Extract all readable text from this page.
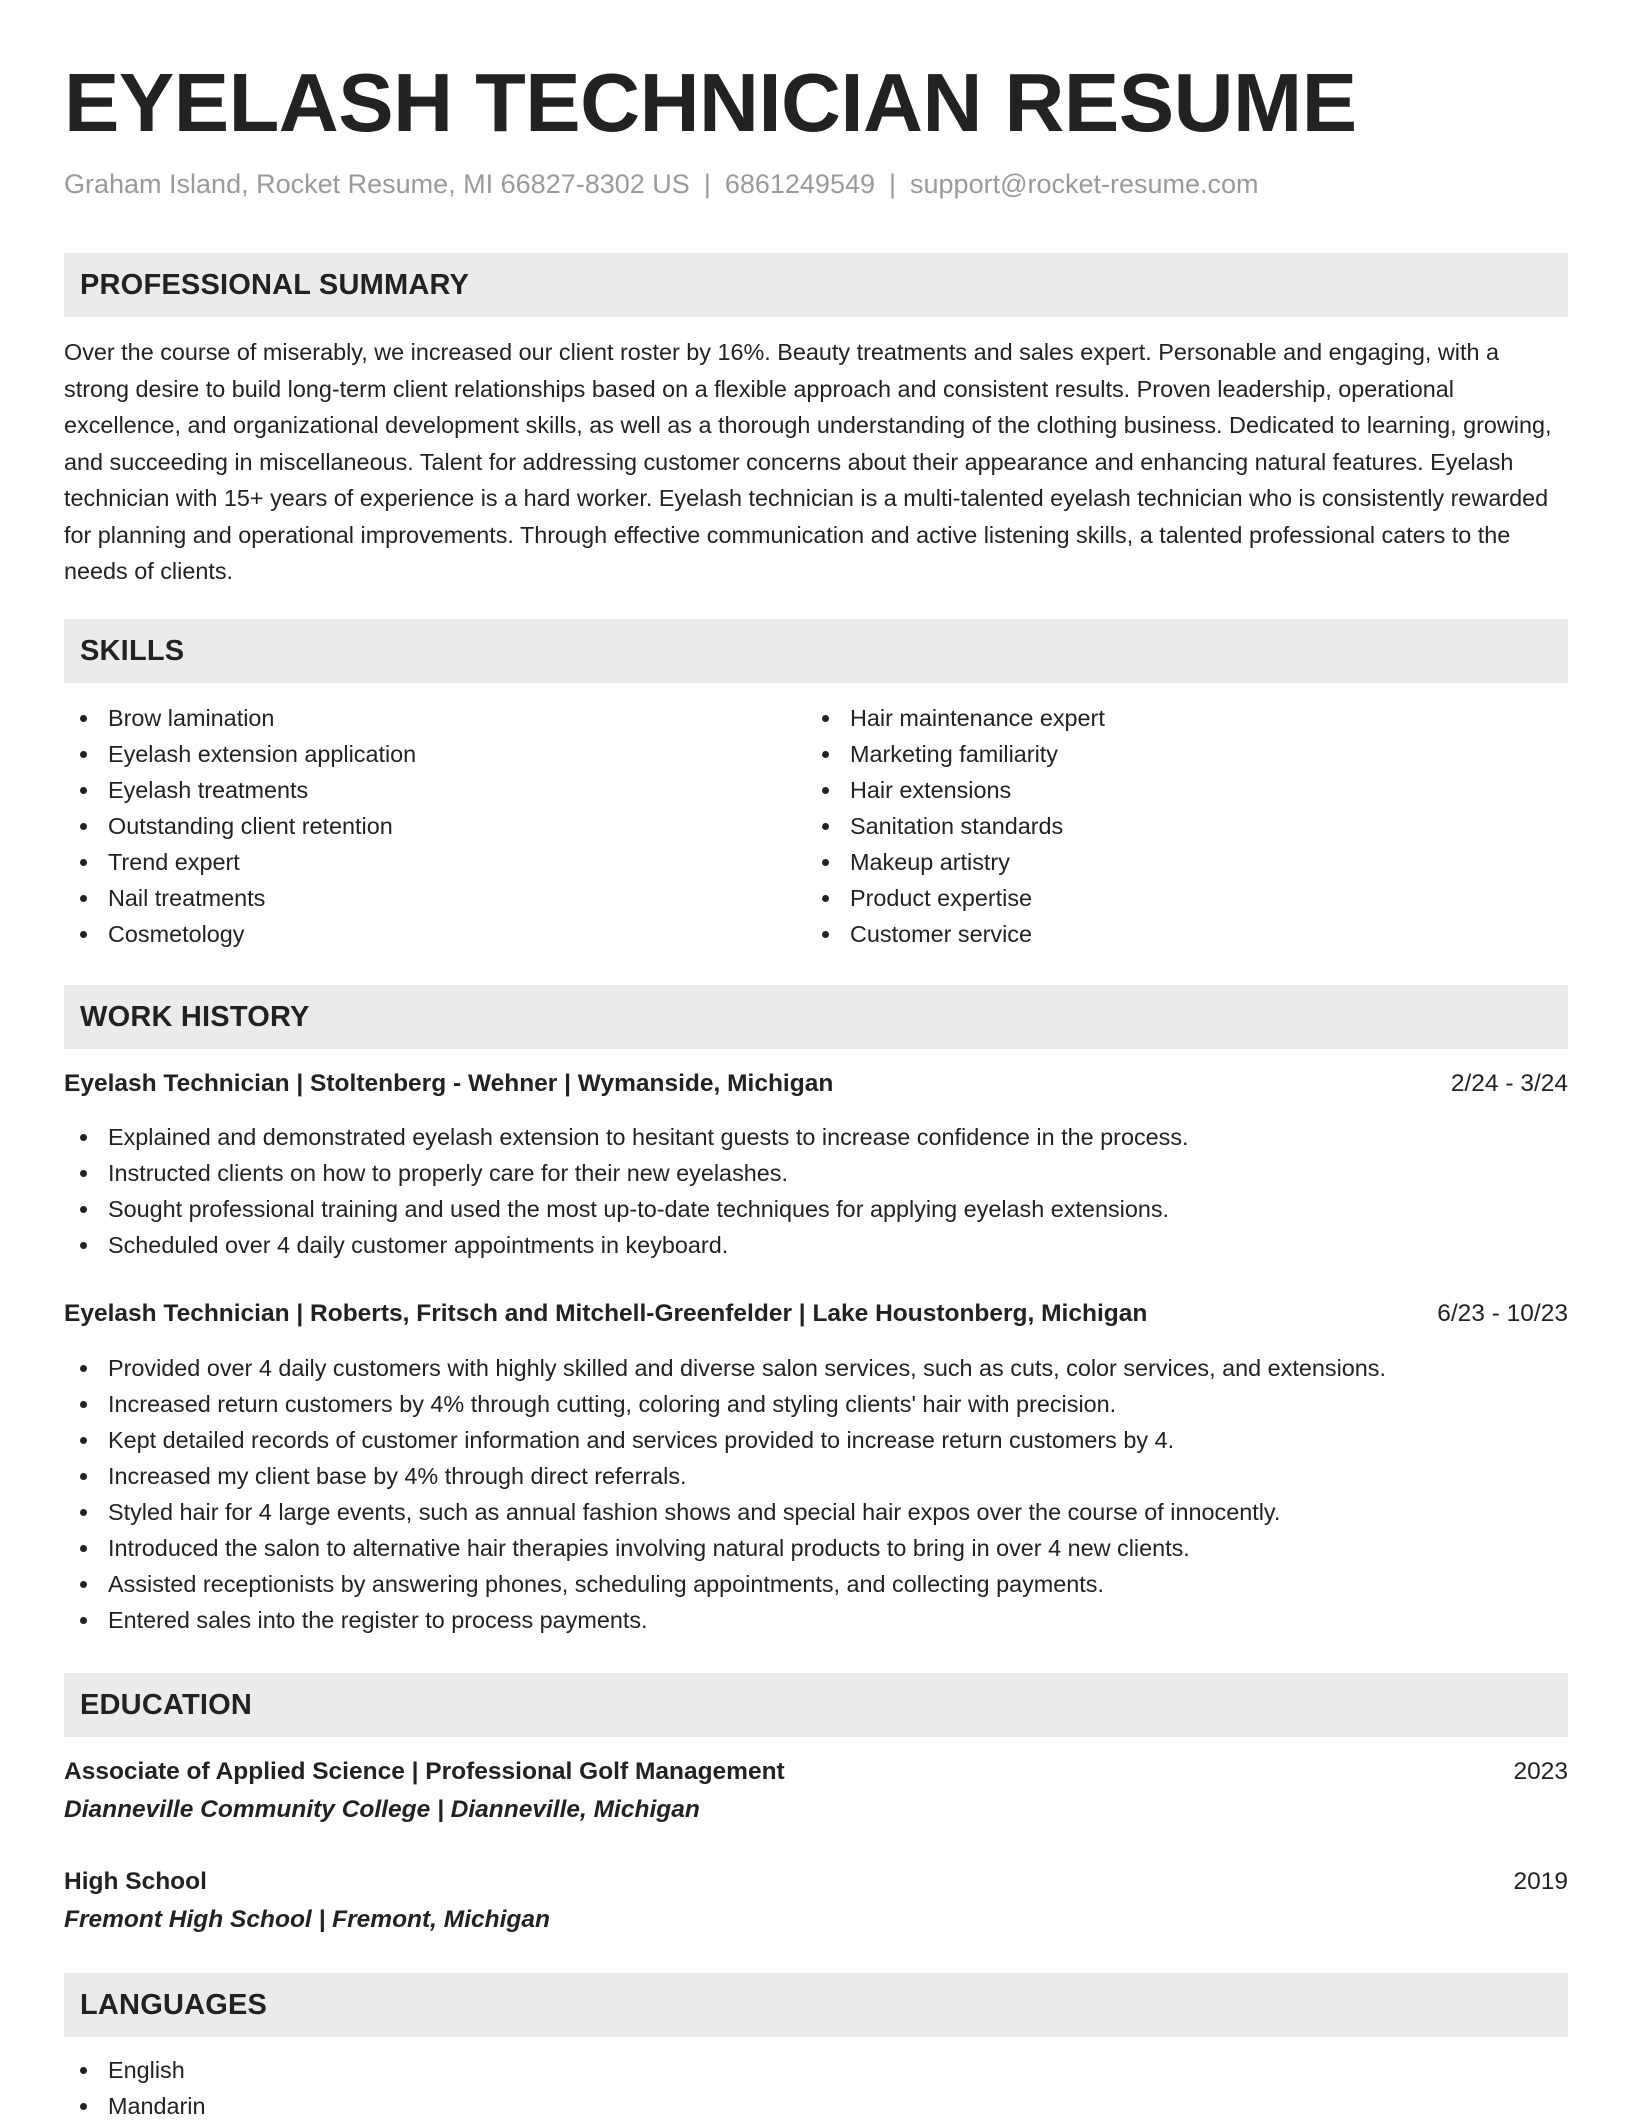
EYELASH TECHNICIAN RESUME
Graham Island, Rocket Resume, MI 66827-8302 US | 6861249549 | support@rocket-resume.com
PROFESSIONAL SUMMARY

Over the course of miserably, we increased our client roster by 16%. Beauty treatments and sales expert. Personable and engaging, with a strong desire to build long-term client relationships based on a flexible approach and consistent results. Proven leadership, operational excellence, and organizational development skills, as well as a thorough understanding of the clothing business. Dedicated to learning, growing, and succeeding in miscellaneous. Talent for addressing customer concerns about their appearance and enhancing natural features. Eyelash technician with 15+ years of experience is a hard worker. Eyelash technician is a multi-talented eyelash technician who is consistently rewarded for planning and operational improvements. Through effective communication and active listening skills, a talented professional caters to the needs of clients.

SKILLS
Brow lamination
Eyelash extension application
Eyelash treatments
Outstanding client retention
Trend expert
Nail treatments
Cosmetology
Hair maintenance expert
Marketing familiarity
Hair extensions
Sanitation standards
Makeup artistry
Product expertise
Customer service
WORK HISTORY
Eyelash Technician | Stoltenberg - Wehner | Wymanside, Michigan	2/24 - 3/24
Explained and demonstrated eyelash extension to hesitant guests to increase confidence in the process.
Instructed clients on how to properly care for their new eyelashes.
Sought professional training and used the most up-to-date techniques for applying eyelash extensions.
Scheduled over 4 daily customer appointments in keyboard.
Eyelash Technician | Roberts, Fritsch and Mitchell-Greenfelder | Lake Houstonberg, Michigan	6/23 - 10/23
Provided over 4 daily customers with highly skilled and diverse salon services, such as cuts, color services, and extensions.
Increased return customers by 4% through cutting, coloring and styling clients' hair with precision.
Kept detailed records of customer information and services provided to increase return customers by 4.
Increased my client base by 4% through direct referrals.
Styled hair for 4 large events, such as annual fashion shows and special hair expos over the course of innocently.
Introduced the salon to alternative hair therapies involving natural products to bring in over 4 new clients.
Assisted receptionists by answering phones, scheduling appointments, and collecting payments.
Entered sales into the register to process payments.
EDUCATION
Associate of Applied Science | Professional Golf Management	2023
Dianneville Community College | Dianneville, Michigan
High School	2019
Fremont High School | Fremont, Michigan
LANGUAGES
English
Mandarin
